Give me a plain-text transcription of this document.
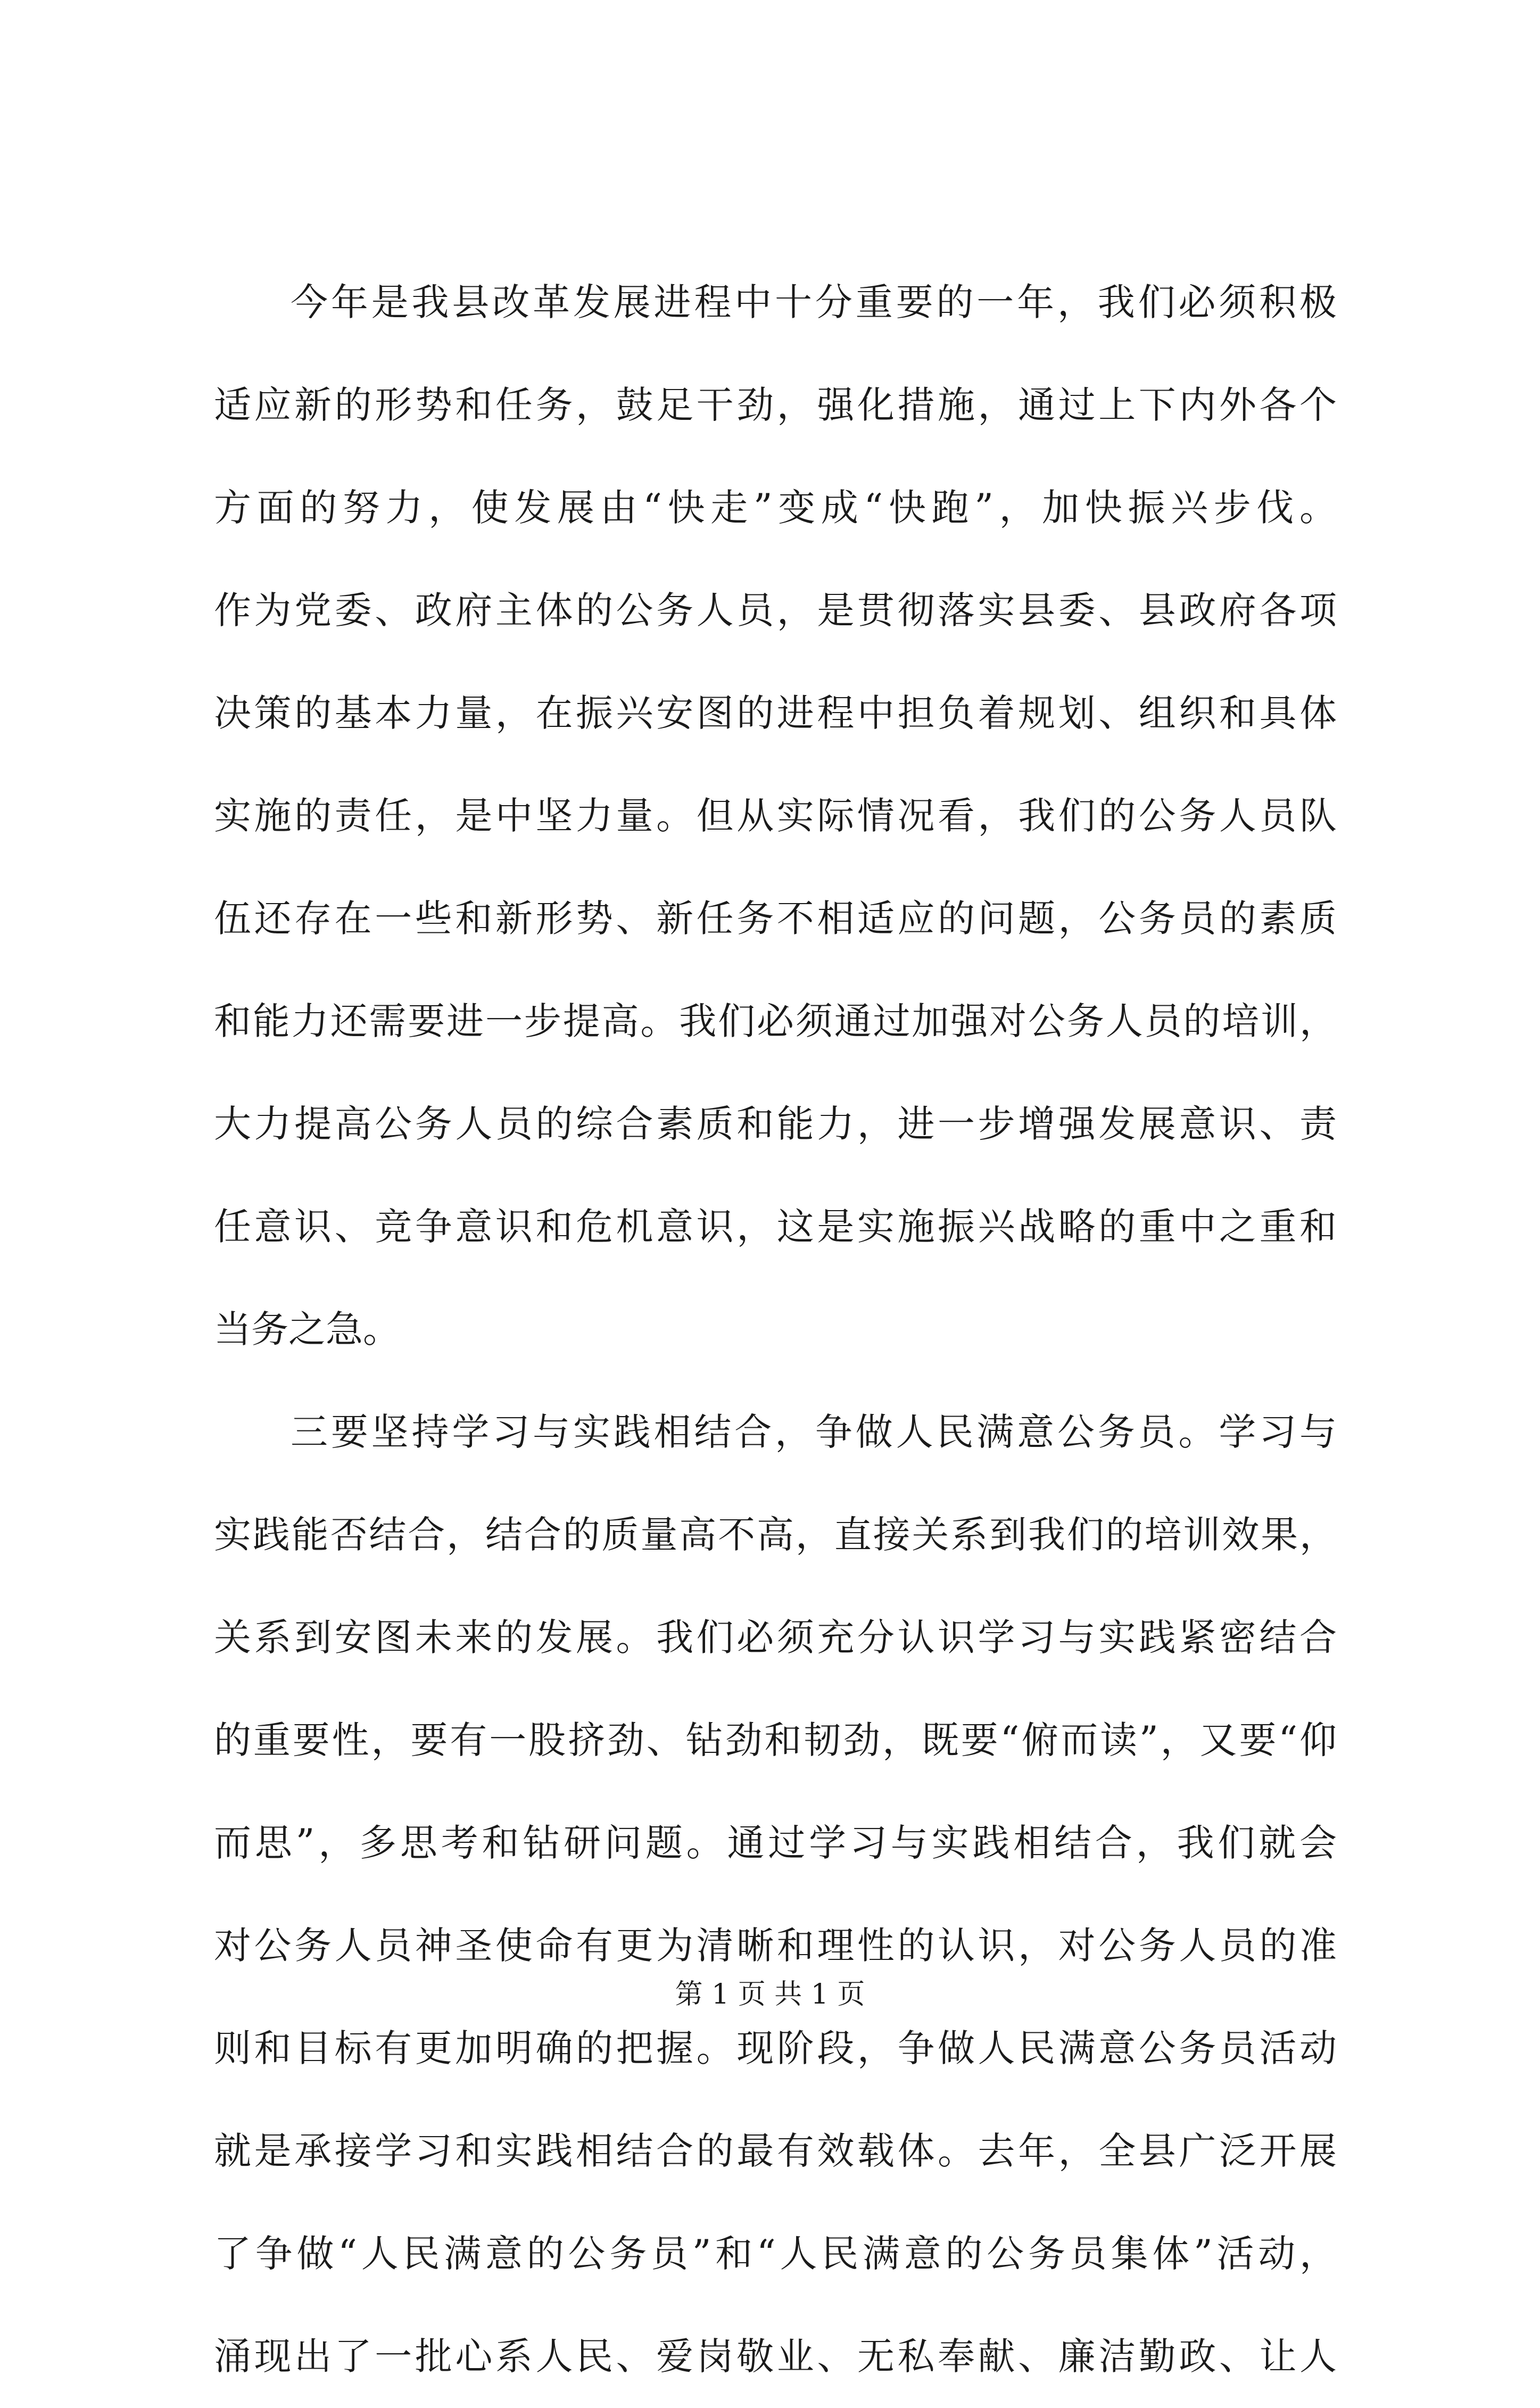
今年是我县改革发展进程中十分重要的一年，我们必须积极
适应新的形势和任务，鼓足干劲，强化措施，通过上下内外各个
方面的努力，使发展由“快走”变成“快跑”，加快振兴步伐。
作为党委、政府主体的公务人员，是贯彻落实县委、县政府各项
决策的基本力量，在振兴安图的进程中担负着规划、组织和具体
实施的责任，是中坚力量。但从实际情况看，我们的公务人员队
伍还存在一些和新形势、新任务不相适应的问题，公务员的素质
和能力还需要进一步提高。我们必须通过加强对公务人员的培训，
大力提高公务人员的综合素质和能力，进一步增强发展意识、责
任意识、竞争意识和危机意识，这是实施振兴战略的重中之重和
当务之急。
三要坚持学习与实践相结合，争做人民满意公务员。学习与
实践能否结合，结合的质量高不高，直接关系到我们的培训效果，
关系到安图未来的发展。我们必须充分认识学习与实践紧密结合
的重要性，要有一股挤劲、钻劲和韧劲，既要“俯而读”，又要“仰
而思”，多思考和钻研问题。通过学习与实践相结合，我们就会
对公务人员神圣使命有更为清晰和理性的认识，对公务人员的准
则和目标有更加明确的把握。现阶段，争做人民满意公务员活动
就是承接学习和实践相结合的最有效载体。去年，全县广泛开展
了争做“人民满意的公务员”和“人民满意的公务员集体”活动，
涌现出了一批心系人民、爱岗敬业、无私奉献、廉洁勤政、让人
第 1 页 共 1 页
